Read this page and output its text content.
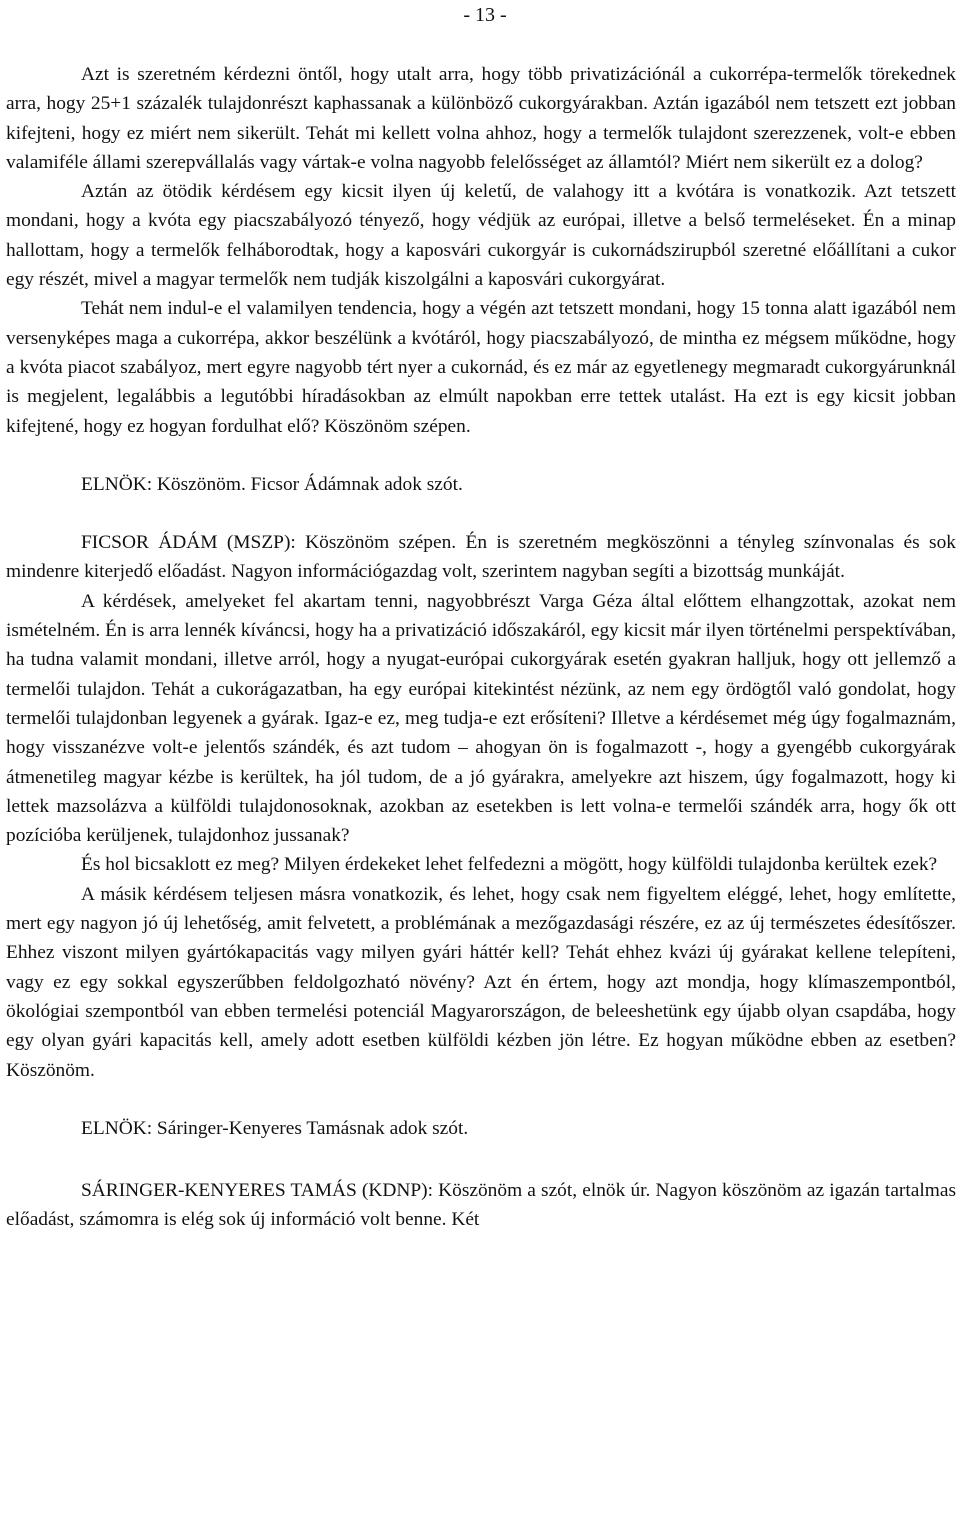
- 13 -

Azt is szeretném kérdezni öntől, hogy utalt arra, hogy több privatizációnál a cukorrépa-termelők törekednek arra, hogy 25+1 százalék tulajdonrészt kaphassanak a különböző cukorgyárakban. Aztán igazából nem tetszett ezt jobban kifejteni, hogy ez miért nem sikerült. Tehát mi kellett volna ahhoz, hogy a termelők tulajdont szerezzenek, volt-e ebben valamiféle állami szerepvállalás vagy vártak-e volna nagyobb felelősséget az államtól? Miért nem sikerült ez a dolog?

Aztán az ötödik kérdésem egy kicsit ilyen új keletű, de valahogy itt a kvótára is vonatkozik. Azt tetszett mondani, hogy a kvóta egy piacszabályozó tényező, hogy védjük az európai, illetve a belső termeléseket. Én a minap hallottam, hogy a termelők felháborodtak, hogy a kaposvári cukorgyár is cukornádszirupból szeretné előállítani a cukor egy részét, mivel a magyar termelők nem tudják kiszolgálni a kaposvári cukorgyárat.

Tehát nem indul-e el valamilyen tendencia, hogy a végén azt tetszett mondani, hogy 15 tonna alatt igazából nem versenyképes maga a cukorrépa, akkor beszélünk a kvótáról, hogy piacszabályozó, de mintha ez mégsem működne, hogy a kvóta piacot szabályoz, mert egyre nagyobb tért nyer a cukornád, és ez már az egyetlenegy megmaradt cukorgyárunknál is megjelent, legalábbis a legutóbbi híradásokban az elmúlt napokban erre tettek utalást. Ha ezt is egy kicsit jobban kifejtené, hogy ez hogyan fordulhat elő? Köszönöm szépen.

ELNÖK: Köszönöm. Ficsor Ádámnak adok szót.

FICSOR ÁDÁM (MSZP): Köszönöm szépen. Én is szeretném megköszönni a tényleg színvonalas és sok mindenre kiterjedő előadást. Nagyon információgazdag volt, szerintem nagyban segíti a bizottság munkáját.

A kérdések, amelyeket fel akartam tenni, nagyobbrészt Varga Géza által előttem elhangzottak, azokat nem ismételném. Én is arra lennék kíváncsi, hogy ha a privatizáció időszakáról, egy kicsit már ilyen történelmi perspektívában, ha tudna valamit mondani, illetve arról, hogy a nyugat-európai cukorgyárak esetén gyakran halljuk, hogy ott jellemző a termelői tulajdon. Tehát a cukorágazatban, ha egy európai kitekintést nézünk, az nem egy ördögtől való gondolat, hogy termelői tulajdonban legyenek a gyárak. Igaz-e ez, meg tudja-e ezt erősíteni? Illetve a kérdésemet még úgy fogalmaznám, hogy visszanézve volt-e jelentős szándék, és azt tudom – ahogyan ön is fogalmazott -, hogy a gyengébb cukorgyárak átmenetileg magyar kézbe is kerültek, ha jól tudom, de a jó gyárakra, amelyekre azt hiszem, úgy fogalmazott, hogy ki lettek mazsolázva a külföldi tulajdonosoknak, azokban az esetekben is lett volna-e termelői szándék arra, hogy ők ott pozícióba kerüljenek, tulajdonhoz jussanak?

És hol bicsaklott ez meg? Milyen érdekeket lehet felfedezni a mögött, hogy külföldi tulajdonba kerültek ezek?

A másik kérdésem teljesen másra vonatkozik, és lehet, hogy csak nem figyeltem eléggé, lehet, hogy említette, mert egy nagyon jó új lehetőség, amit felvetett, a problémának a mezőgazdasági részére, ez az új természetes édesítőszer. Ehhez viszont milyen gyártókapacitás vagy milyen gyári háttér kell? Tehát ehhez kvázi új gyárakat kellene telepíteni, vagy ez egy sokkal egyszerűbben feldolgozható növény? Azt én értem, hogy azt mondja, hogy klímaszempontból, ökológiai szempontból van ebben termelési potenciál Magyarországon, de beleeshetünk egy újabb olyan csapdába, hogy egy olyan gyári kapacitás kell, amely adott esetben külföldi kézben jön létre. Ez hogyan működne ebben az esetben? Köszönöm.

ELNÖK: Sáringer-Kenyeres Tamásnak adok szót.

SÁRINGER-KENYERES TAMÁS (KDNP): Köszönöm a szót, elnök úr. Nagyon köszönöm az igazán tartalmas előadást, számomra is elég sok új információ volt benne. Két
